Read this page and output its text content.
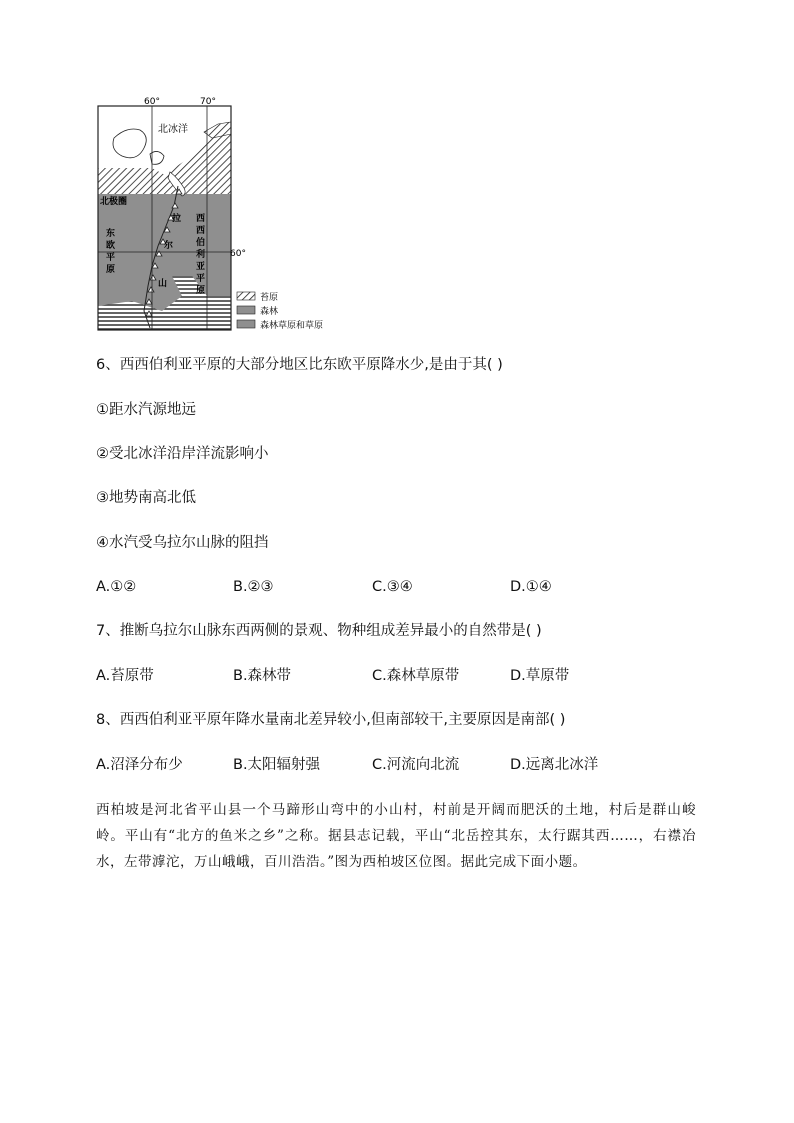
60°	70°
60°
北冰洋
北极圈
东
欧
平
原
拉
尔
山
西
西
伯
利
亚
平
原
苔原
森林
森林草原和草原
6、西西伯利亚平原的大部分地区比东欧平原降水少,是由于其( )
①距水汽源地远
②受北冰洋沿岸洋流影响小
③地势南高北低
④水汽受乌拉尔山脉的阻挡
A.①②	B.②③	C.③④	D.①④
7、推断乌拉尔山脉东西两侧的景观、物种组成差异最小的自然带是( )
A.苔原带	B.森林带	C.森林草原带	D.草原带
8、西西伯利亚平原年降水量南北差异较小,但南部较干,主要原因是南部( )
A.沼泽分布少	B.太阳辐射强	C.河流向北流	D.远离北冰洋
西柏坡是河北省平山县一个马蹄形山弯中的小山村，村前是开阔而肥沃的土地，村后是群山峻岭。平山有“北方的鱼米之乡”之称。据县志记载，平山“北岳控其东，太行踞其西……，右襟冶水，左带滹沱，万山峨峨，百川浩浩。”图为西柏坡区位图。据此完成下面小题。
